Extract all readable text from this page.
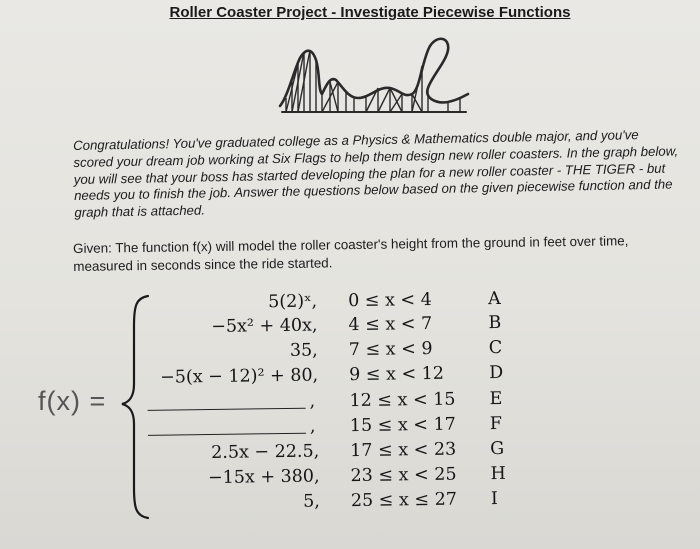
Roller Coaster Project - Investigate Piecewise Functions
Congratulations! You've graduated college as a Physics & Mathematics double major, and you've scored your dream job working at Six Flags to help them design new roller coasters. In the graph below, you will see that your boss has started developing the plan for a new roller coaster - THE TIGER - but needs you to finish the job. Answer the questions below based on the given piecewise function and the graph that is attached.
Given: The function f(x) will model the roller coaster's height from the ground in feet over time, measured in seconds since the ride started.
f(x) =
5(2)ˣ, 0 ≤ x < 4	A
−5x² + 40x, 4 ≤ x < 7	B
35, 7 ≤ x < 9	C
−5(x − 12)² + 80, 9 ≤ x < 12	D
, 12 ≤ x < 15 E
, 15 ≤ x < 17 F
2.5x − 22.5, 17 ≤ x < 23 G
−15x + 380, 23 ≤ x < 25 H
5, 25 ≤ x ≤ 27 I
